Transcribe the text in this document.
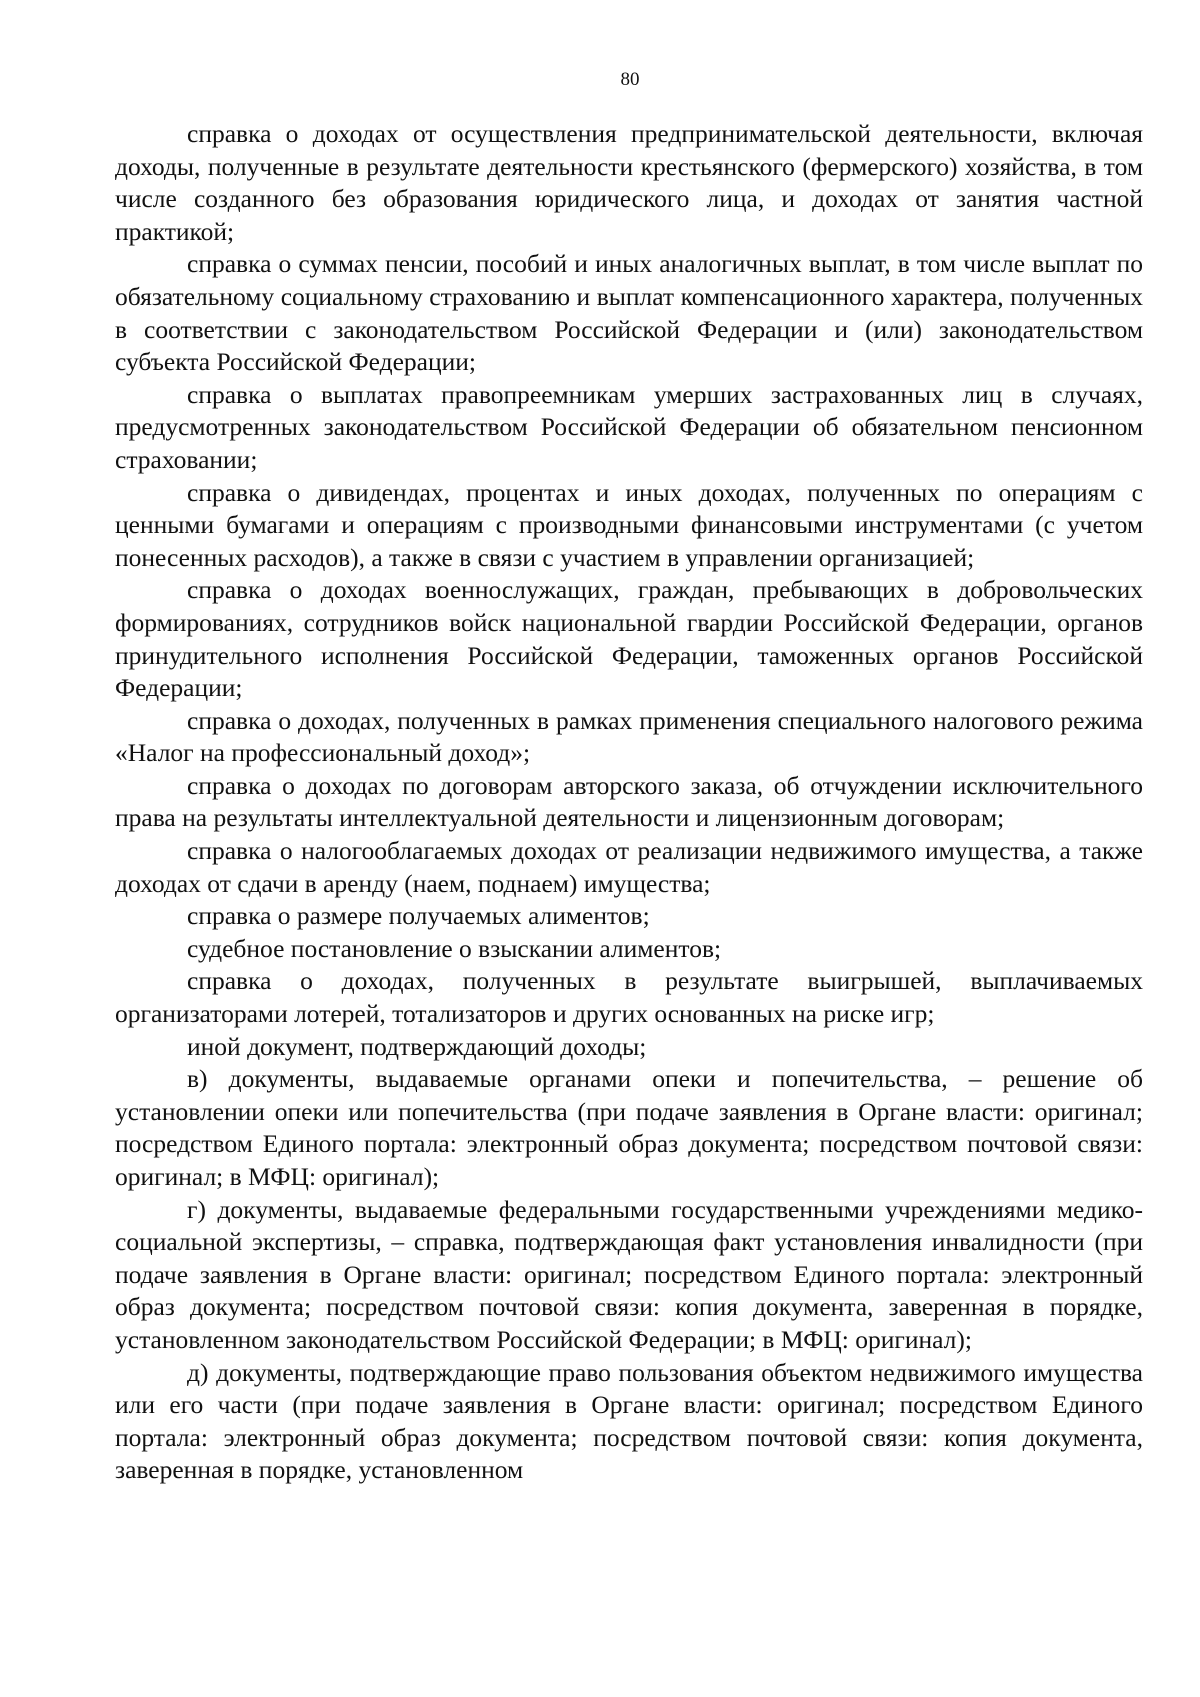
80

справка о доходах от осуществления предпринимательской деятельности, включая доходы, полученные в результате деятельности крестьянского (фермерского) хозяйства, в том числе созданного без образования юридического лица, и доходах от занятия частной практикой;

справка о суммах пенсии, пособий и иных аналогичных выплат, в том числе выплат по обязательному социальному страхованию и выплат компенсационного характера, полученных в соответствии с законодательством Российской Федерации и (или) законодательством субъекта Российской Федерации;

справка о выплатах правопреемникам умерших застрахованных лиц в случаях, предусмотренных законодательством Российской Федерации об обязательном пенсионном страховании;

справка о дивидендах, процентах и иных доходах, полученных по операциям с ценными бумагами и операциям с производными финансовыми инструментами (с учетом понесенных расходов), а также в связи с участием в управлении организацией;

справка о доходах военнослужащих, граждан, пребывающих в добровольческих формированиях, сотрудников войск национальной гвардии Российской Федерации, органов принудительного исполнения Российской Федерации, таможенных органов Российской Федерации;

справка о доходах, полученных в рамках применения специального налогового режима «Налог на профессиональный доход»;

справка о доходах по договорам авторского заказа, об отчуждении исключительного права на результаты интеллектуальной деятельности и лицензионным договорам;

справка о налогооблагаемых доходах от реализации недвижимого имущества, а также доходах от сдачи в аренду (наем, поднаем) имущества;

справка о размере получаемых алиментов;

судебное постановление о взыскании алиментов;

справка о доходах, полученных в результате выигрышей, выплачиваемых организаторами лотерей, тотализаторов и других основанных на риске игр;

иной документ, подтверждающий доходы;

в) документы, выдаваемые органами опеки и попечительства, – решение об установлении опеки или попечительства (при подаче заявления в Органе власти: оригинал; посредством Единого портала: электронный образ документа; посредством почтовой связи: оригинал; в МФЦ: оригинал);

г) документы, выдаваемые федеральными государственными учреждениями медико-социальной экспертизы, – справка, подтверждающая факт установления инвалидности (при подаче заявления в Органе власти: оригинал; посредством Единого портала: электронный образ документа; посредством почтовой связи: копия документа, заверенная в порядке, установленном законодательством Российской Федерации; в МФЦ: оригинал);

д) документы, подтверждающие право пользования объектом недвижимого имущества или его части (при подаче заявления в Органе власти: оригинал; посредством Единого портала: электронный образ документа; посредством почтовой связи: копия документа, заверенная в порядке, установленном
